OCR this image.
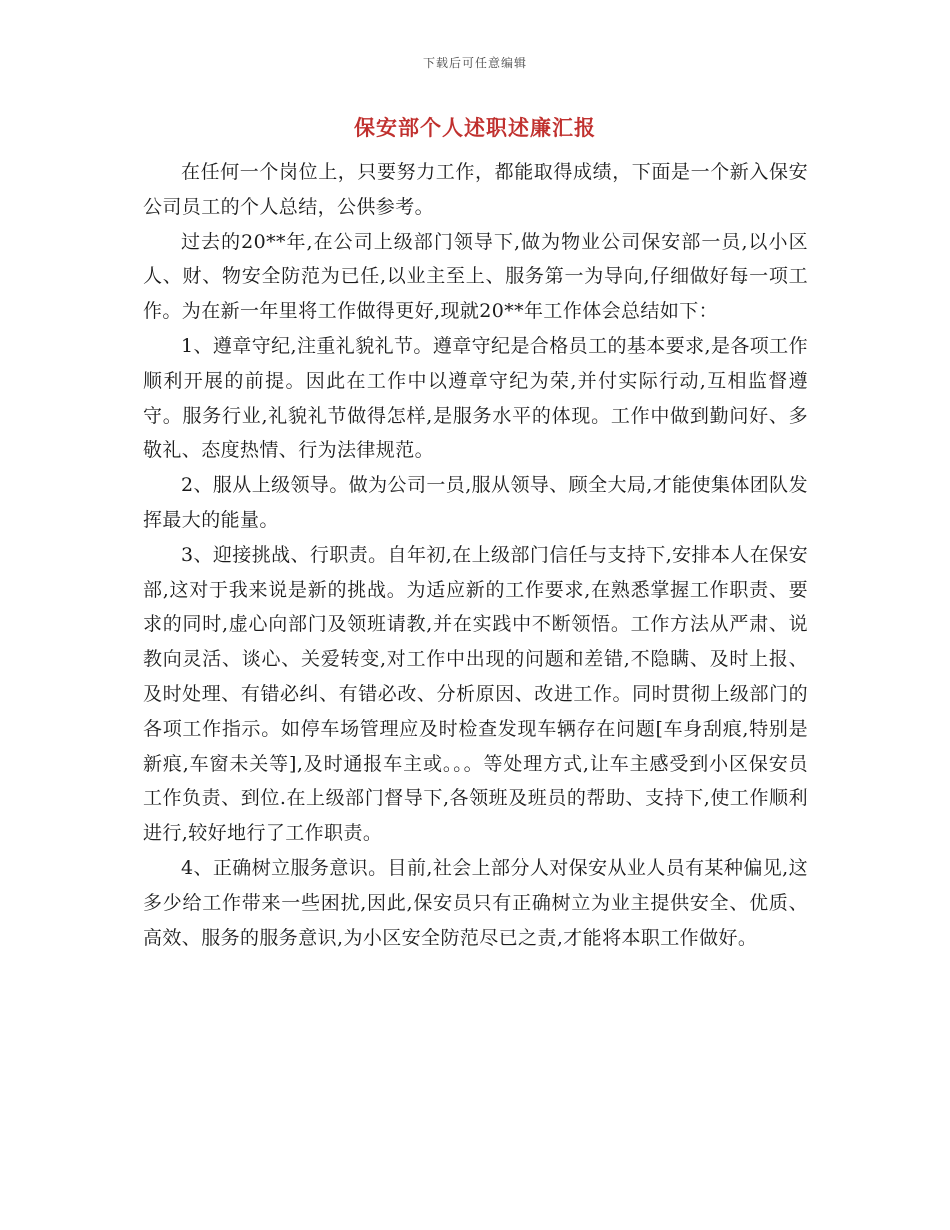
下载后可任意编辑
保安部个人述职述廉汇报

在任何一个岗位上，只要努力工作，都能取得成绩，下面是一个新入保安公司员工的个人总结，公供参考。

过去的20**年,在公司上级部门领导下,做为物业公司保安部一员,以小区人、财、物安全防范为已任,以业主至上、服务第一为导向,仔细做好每一项工作。为在新一年里将工作做得更好,现就20**年工作体会总结如下：

1、遵章守纪,注重礼貌礼节。遵章守纪是合格员工的基本要求,是各项工作顺利开展的前提。因此在工作中以遵章守纪为荣,并付实际行动,互相监督遵守。服务行业,礼貌礼节做得怎样,是服务水平的体现。工作中做到勤问好、多敬礼、态度热情、行为法律规范。

2、服从上级领导。做为公司一员,服从领导、顾全大局,才能使集体团队发挥最大的能量。

3、迎接挑战、行职责。自年初,在上级部门信任与支持下,安排本人在保安部,这对于我来说是新的挑战。为适应新的工作要求,在熟悉掌握工作职责、要求的同时,虚心向部门及领班请教,并在实践中不断领悟。工作方法从严肃、说教向灵活、谈心、关爱转变,对工作中出现的问题和差错,不隐瞒、及时上报、及时处理、有错必纠、有错必改、分析原因、改进工作。同时贯彻上级部门的各项工作指示。如停车场管理应及时检查发现车辆存在问题[车身刮痕,特别是新痕,车窗未关等],及时通报车主或。。。等处理方式,让车主感受到小区保安员工作负责、到位.在上级部门督导下,各领班及班员的帮助、支持下,使工作顺利进行,较好地行了工作职责。

4、正确树立服务意识。目前,社会上部分人对保安从业人员有某种偏见,这多少给工作带来一些困扰,因此,保安员只有正确树立为业主提供安全、优质、高效、服务的服务意识,为小区安全防范尽已之责,才能将本职工作做好。
